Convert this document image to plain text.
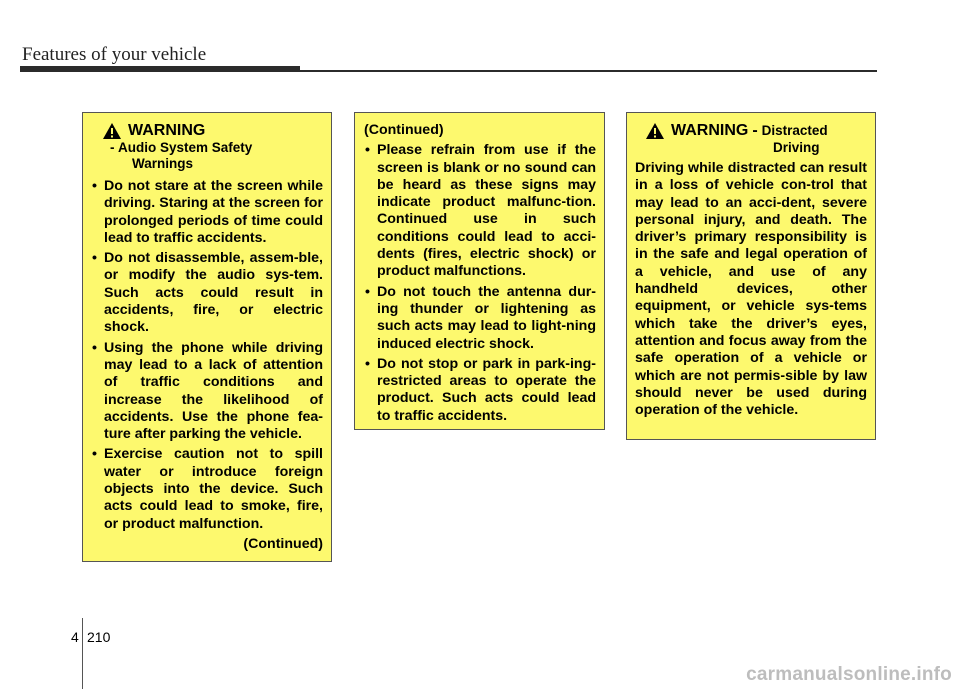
Features of your vehicle
WARNING
- Audio System Safety
Warnings
• Do not stare at the screen while driving. Staring at the screen for prolonged periods of time could lead to traffic accidents.
• Do not disassemble, assem-ble, or modify the audio sys-tem. Such acts could result in accidents, fire, or electric shock.
• Using the phone while driving may lead to a lack of attention of traffic conditions and increase the likelihood of accidents. Use the phone fea-ture after parking the vehicle.
• Exercise caution not to spill water or introduce foreign objects into the device. Such acts could lead to smoke, fire, or product malfunction.
(Continued)
(Continued)
• Please refrain from use if the screen is blank or no sound can be heard as these signs may indicate product malfunc-tion. Continued use in such conditions could lead to acci-dents (fires, electric shock) or product malfunctions.
• Do not touch the antenna dur-ing thunder or lightening as such acts may lead to light-ning induced electric shock.
• Do not stop or park in park-ing-restricted areas to operate the product. Such acts could lead to traffic accidents.
WARNING - Distracted
Driving
Driving while distracted can result in a loss of vehicle con-trol that may lead to an acci-dent, severe personal injury, and death. The driver’s primary responsibility is in the safe and legal operation of a vehicle, and use of any handheld devices, other equipment, or vehicle sys-tems which take the driver’s eyes, attention and focus away from the safe operation of a vehicle or which are not permis-sible by law should never be used during operation of the vehicle.
4 210
carmanualsonline.info
